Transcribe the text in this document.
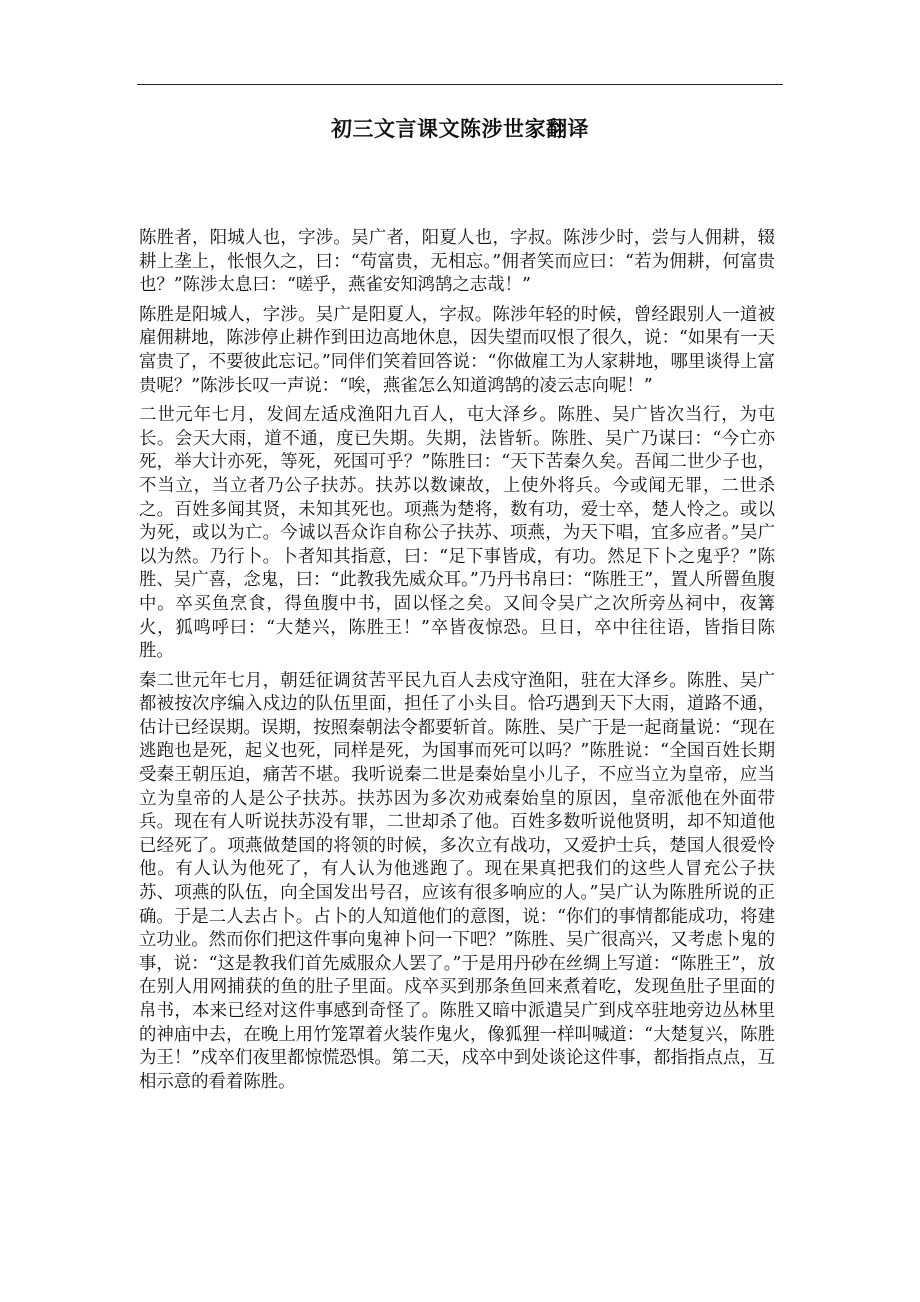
初三文言课文陈涉世家翻译

陈胜者，阳城人也，字涉。吴广者，阳夏人也，字叔。陈涉少时，尝与人佣耕，辍耕上垄上，怅恨久之，曰：“苟富贵，无相忘。”佣者笑而应曰：“若为佣耕，何富贵也？”陈涉太息曰：“嗟乎，燕雀安知鸿鹄之志哉！”

陈胜是阳城人，字涉。吴广是阳夏人，字叔。陈涉年轻的时候，曾经跟别人一道被雇佣耕地，陈涉停止耕作到田边高地休息，因失望而叹恨了很久，说：“如果有一天富贵了，不要彼此忘记。”同伴们笑着回答说：“你做雇工为人家耕地，哪里谈得上富贵呢？”陈涉长叹一声说：“唉，燕雀怎么知道鸿鹄的凌云志向呢！”

二世元年七月，发闾左适戍渔阳九百人，屯大泽乡。陈胜、吴广皆次当行，为屯长。会天大雨，道不通，度已失期。失期，法皆斩。陈胜、吴广乃谋曰：“今亡亦死，举大计亦死，等死，死国可乎？”陈胜曰：“天下苦秦久矣。吾闻二世少子也，不当立，当立者乃公子扶苏。扶苏以数谏故，上使外将兵。今或闻无罪，二世杀之。百姓多闻其贤，未知其死也。项燕为楚将，数有功，爱士卒，楚人怜之。或以为死，或以为亡。今诚以吾众诈自称公子扶苏、项燕，为天下唱，宜多应者。”吴广以为然。乃行卜。卜者知其指意，曰：“足下事皆成，有功。然足下卜之鬼乎？”陈胜、吴广喜，念鬼，曰：“此教我先威众耳。”乃丹书帛曰：“陈胜王”，置人所罾鱼腹中。卒买鱼烹食，得鱼腹中书，固以怪之矣。又间令吴广之次所旁丛祠中，夜篝火，狐鸣呼曰：“大楚兴，陈胜王！”卒皆夜惊恐。旦日，卒中往往语，皆指目陈胜。

秦二世元年七月，朝廷征调贫苦平民九百人去戍守渔阳，驻在大泽乡。陈胜、吴广都被按次序编入戍边的队伍里面，担任了小头目。恰巧遇到天下大雨，道路不通，估计已经误期。误期，按照秦朝法令都要斩首。陈胜、吴广于是一起商量说：“现在逃跑也是死，起义也死，同样是死，为国事而死可以吗？”陈胜说：“全国百姓长期受秦王朝压迫，痛苦不堪。我听说秦二世是秦始皇小儿子，不应当立为皇帝，应当立为皇帝的人是公子扶苏。扶苏因为多次劝戒秦始皇的原因，皇帝派他在外面带兵。现在有人听说扶苏没有罪，二世却杀了他。百姓多数听说他贤明，却不知道他已经死了。项燕做楚国的将领的时候，多次立有战功，又爱护士兵，楚国人很爱怜他。有人认为他死了，有人认为他逃跑了。现在果真把我们的这些人冒充公子扶苏、项燕的队伍，向全国发出号召，应该有很多响应的人。”吴广认为陈胜所说的正确。于是二人去占卜。占卜的人知道他们的意图，说：“你们的事情都能成功，将建立功业。然而你们把这件事向鬼神卜问一下吧？”陈胜、吴广很高兴，又考虑卜鬼的事，说：“这是教我们首先威服众人罢了。”于是用丹砂在丝绸上写道：“陈胜王”，放在别人用网捕获的鱼的肚子里面。戍卒买到那条鱼回来煮着吃，发现鱼肚子里面的帛书，本来已经对这件事感到奇怪了。陈胜又暗中派遣吴广到戍卒驻地旁边丛林里的神庙中去，在晚上用竹笼罩着火装作鬼火，像狐狸一样叫喊道：“大楚复兴，陈胜为王！”戍卒们夜里都惊慌恐惧。第二天，戍卒中到处谈论这件事，都指指点点，互相示意的看着陈胜。
